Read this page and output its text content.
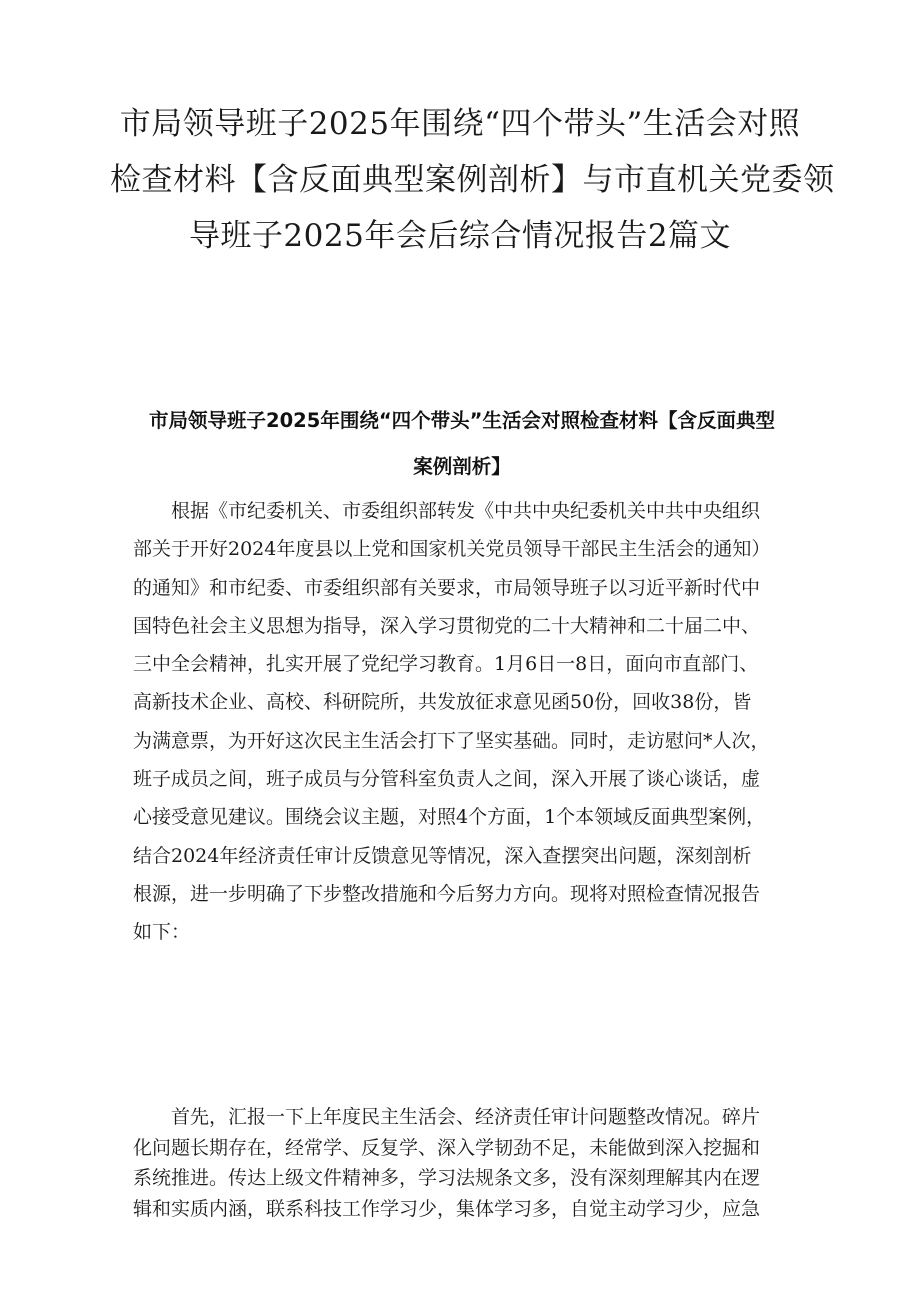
市局领导班子2025年围绕“四个带头”生活会对照
检查材料【含反面典型案例剖析】与市直机关党委领
导班子2025年会后综合情况报告2篇文
市局领导班子2025年围绕“四个带头”生活会对照检查材料【含反面典型
案例剖析】
根据《市纪委机关、市委组织部转发《中共中央纪委机关中共中央组织
部关于开好2024年度县以上党和国家机关党员领导干部民主生活会的通知）
的通知》和市纪委、市委组织部有关要求，市局领导班子以习近平新时代中
国特色社会主义思想为指导，深入学习贯彻党的二十大精神和二十届二中、
三中全会精神，扎实开展了党纪学习教育。1月6日一8日，面向市直部门、
高新技术企业、高校、科研院所，共发放征求意见函50份，回收38份，皆
为满意票，为开好这次民主生活会打下了坚实基础。同时，走访慰问*人次，
班子成员之间，班子成员与分管科室负责人之间，深入开展了谈心谈话，虚
心接受意见建议。围绕会议主题，对照4个方面，1个本领域反面典型案例，
结合2024年经济责任审计反馈意见等情况，深入查摆突出问题，深刻剖析
根源，进一步明确了下步整改措施和今后努力方向。现将对照检查情况报告
如下：
首先，汇报一下上年度民主生活会、经济责任审计问题整改情况。碎片
化问题长期存在，经常学、反复学、深入学韧劲不足，未能做到深入挖掘和
系统推进。传达上级文件精神多，学习法规条文多，没有深刻理解其内在逻
辑和实质内涵，联系科技工作学习少，集体学习多，自觉主动学习少，应急
